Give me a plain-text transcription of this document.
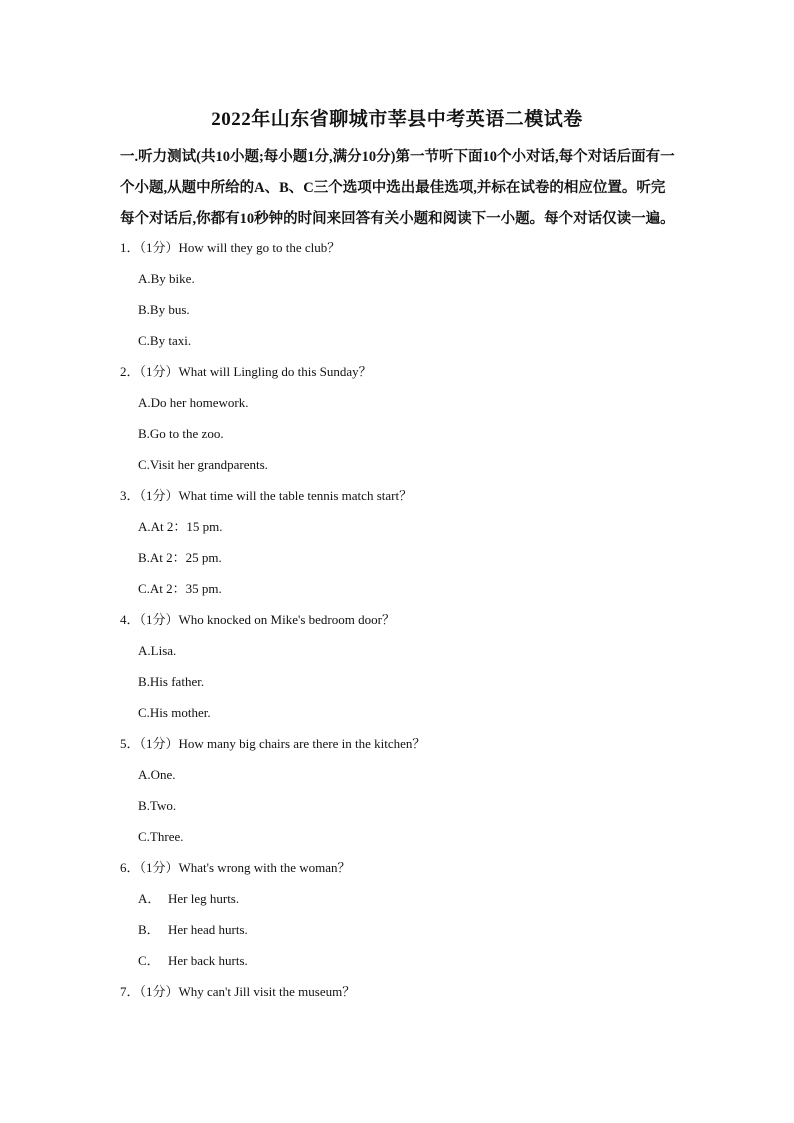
2022年山东省聊城市莘县中考英语二模试卷
一.听力测试(共10小题;每小题1分,满分10分)第一节听下面10个小对话,每个对话后面有一个小题,从题中所给的A、B、C三个选项中选出最佳选项,并标在试卷的相应位置。听完每个对话后,你都有10秒钟的时间来回答有关小题和阅读下一小题。每个对话仅读一遍。
1．（1分）How will they go to the club？
A.By bike.
B.By bus.
C.By taxi.
2．（1分）What will Lingling do this Sunday？
A.Do her homework.
B.Go to the zoo.
C.Visit her grandparents.
3．（1分）What time will the table tennis match start？
A.At 2：15 pm.
B.At 2：25 pm.
C.At 2：35 pm.
4．（1分）Who knocked on Mike's bedroom door？
A.Lisa.
B.His father.
C.His mother.
5．（1分）How many big chairs are there in the kitchen？
A.One.
B.Two.
C.Three.
6．（1分）What's wrong with the woman？
A． Her leg hurts.
B． Her head hurts.
C． Her back hurts.
7．（1分）Why can't Jill visit the museum？
